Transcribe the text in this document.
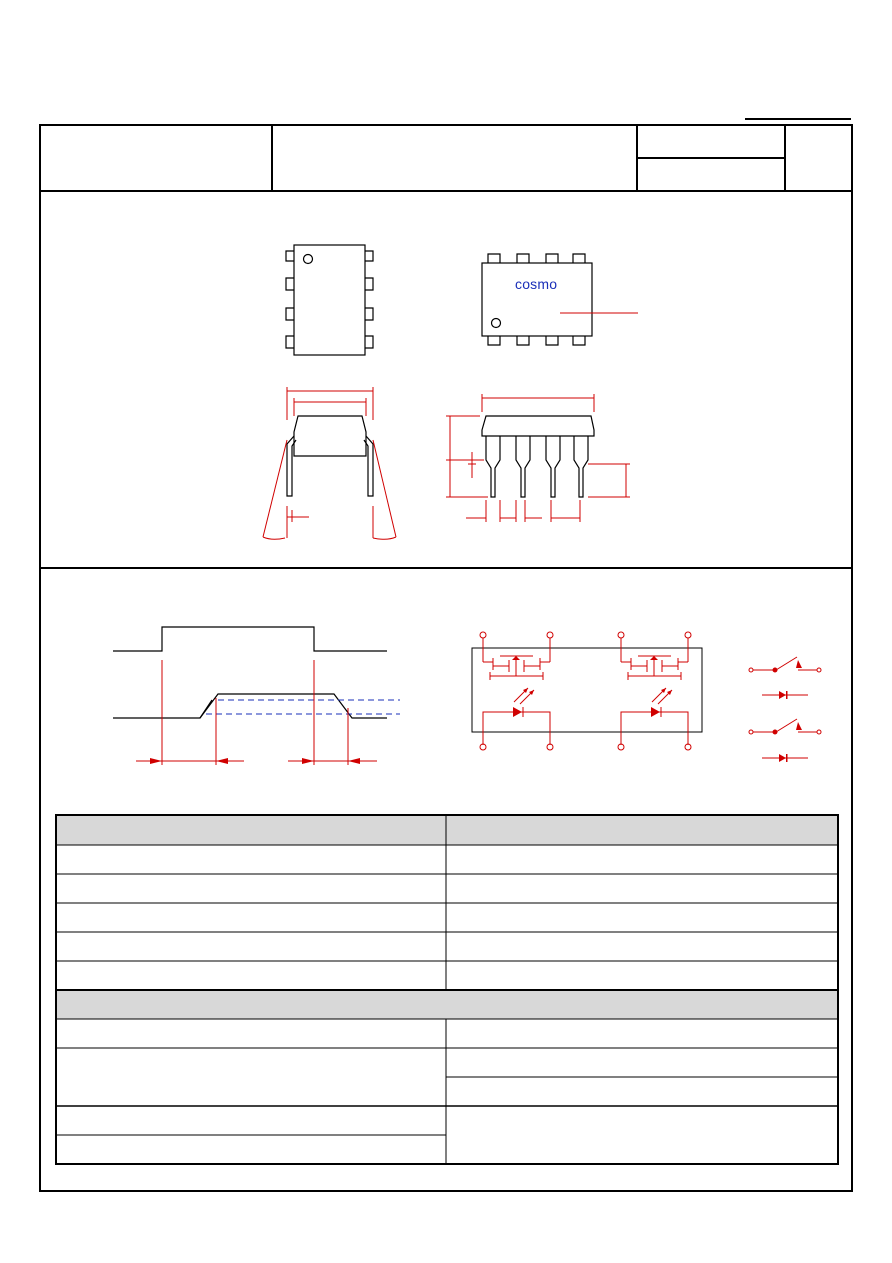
cosmo
